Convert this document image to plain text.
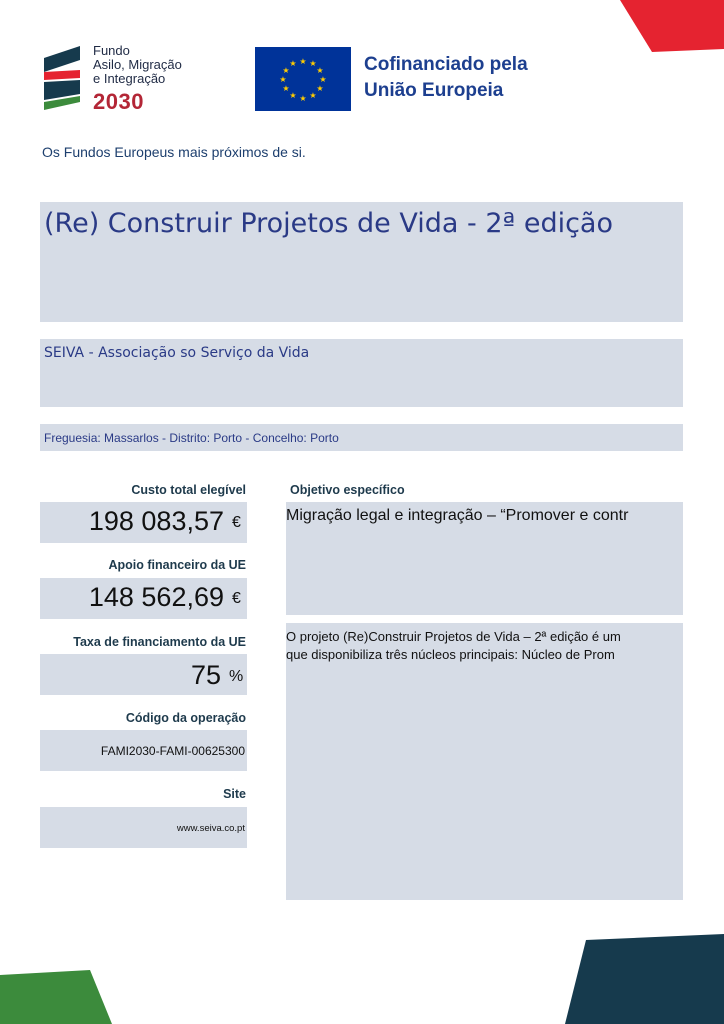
Fundo
Asilo, Migração
e Integração
2030
★ ★
★
★
★
★
★
★
★
★
★
★	Cofinanciado pela
União Europeia
Os Fundos Europeus mais próximos de si.
(Re) Construir Projetos de Vida - 2ª edição
SEIVA - Associação so Serviço da Vida
Freguesia: Massarlos - Distrito: Porto - Concelho: Porto
Custo total elegível
198 083,57 €
Apoio financeiro da UE
148 562,69 €
Taxa de financiamento da UE
75 %
Código da operação
FAMI2030-FAMI-00625300
Site
www.seiva.co.pt
Objetivo específico
Migração legal e integração – “Promover e contr
O projeto (Re)Construir Projetos de Vida – 2ª edição é um
que disponibiliza três núcleos principais: Núcleo de Prom
